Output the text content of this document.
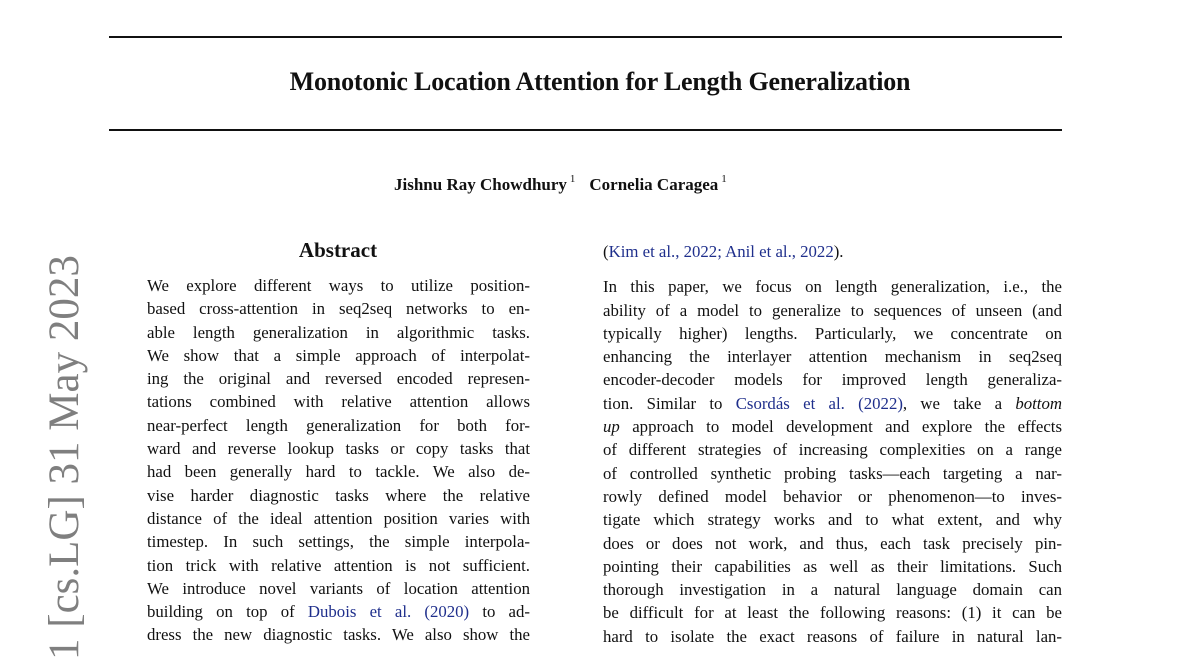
Monotonic Location Attention for Length Generalization
Jishnu Ray Chowdhury $^1$ Cornelia Caragea $^1$
1 [cs.LG] 31 May 2023
Abstract
We explore different ways to utilize position-
based cross-attention in seq2seq networks to en-
able length generalization in algorithmic tasks.
We show that a simple approach of interpolat-
ing the original and reversed encoded represen-
tations combined with relative attention allows
near-perfect length generalization for both for-
ward and reverse lookup tasks or copy tasks that
had been generally hard to tackle. We also de-
vise harder diagnostic tasks where the relative
distance of the ideal attention position varies with
timestep. In such settings, the simple interpola-
tion trick with relative attention is not sufficient.
We introduce novel variants of location attention
building on top of Dubois et al. (2020) to ad-
dress the new diagnostic tasks. We also show the
(Kim et al., 2022; Anil et al., 2022).
In this paper, we focus on length generalization, i.e., the
ability of a model to generalize to sequences of unseen (and
typically higher) lengths. Particularly, we concentrate on
enhancing the interlayer attention mechanism in seq2seq
encoder-decoder models for improved length generaliza-
tion. Similar to Csordás et al. (2022), we take a bottom
up approach to model development and explore the effects
of different strategies of increasing complexities on a range
of controlled synthetic probing tasks—each targeting a nar-
rowly defined model behavior or phenomenon—to inves-
tigate which strategy works and to what extent, and why
does or does not work, and thus, each task precisely pin-
pointing their capabilities as well as their limitations. Such
thorough investigation in a natural language domain can
be difficult for at least the following reasons: (1) it can be
hard to isolate the exact reasons of failure in natural lan-
